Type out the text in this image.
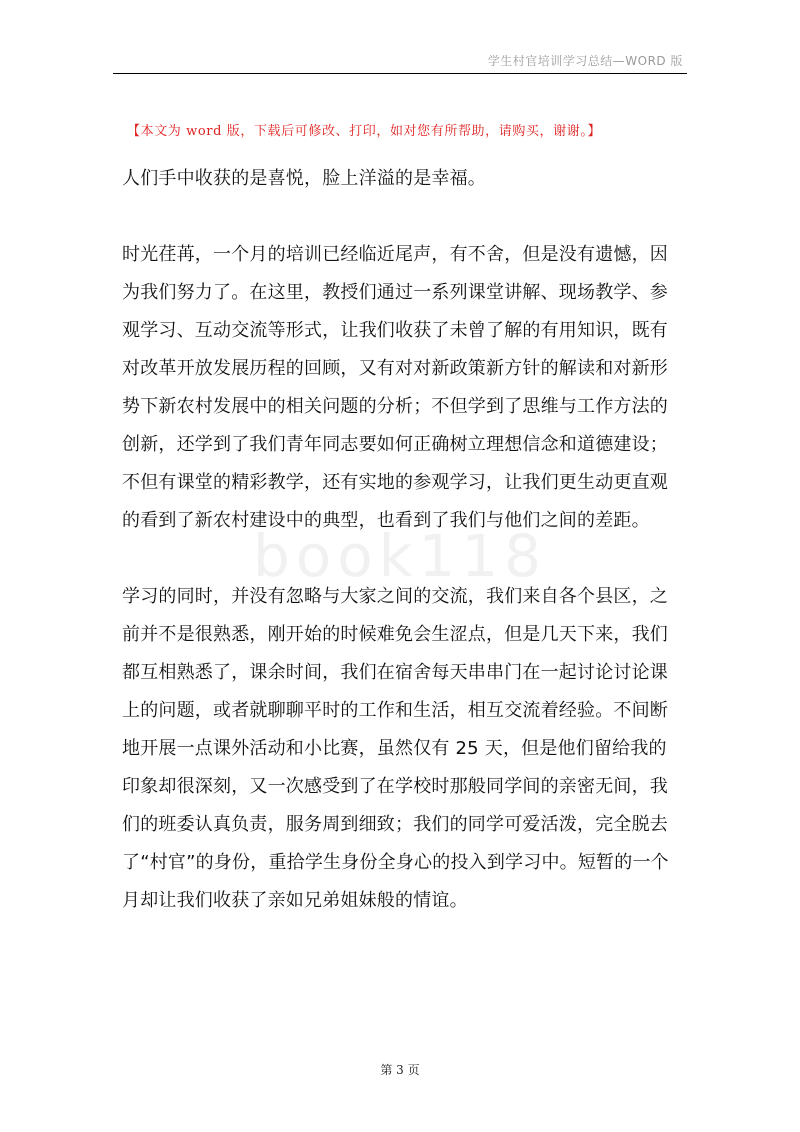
学生村官培训学习总结—WORD 版
【本文为 word 版，下载后可修改、打印，如对您有所帮助，请购买，谢谢。】
book118
人们手中收获的是喜悦，脸上洋溢的是幸福。
时光荏苒，一个月的培训已经临近尾声，有不舍，但是没有遗憾，因
为我们努力了。在这里，教授们通过一系列课堂讲解、现场教学、参
观学习、互动交流等形式，让我们收获了未曾了解的有用知识，既有
对改革开放发展历程的回顾，又有对对新政策新方针的解读和对新形
势下新农村发展中的相关问题的分析；不但学到了思维与工作方法的
创新，还学到了我们青年同志要如何正确树立理想信念和道德建设；
不但有课堂的精彩教学，还有实地的参观学习，让我们更生动更直观
的看到了新农村建设中的典型，也看到了我们与他们之间的差距。
学习的同时，并没有忽略与大家之间的交流，我们来自各个县区，之
前并不是很熟悉，刚开始的时候难免会生涩点，但是几天下来，我们
都互相熟悉了，课余时间，我们在宿舍每天串串门在一起讨论讨论课
上的问题，或者就聊聊平时的工作和生活，相互交流着经验。不间断
地开展一点课外活动和小比赛，虽然仅有 25 天，但是他们留给我的
印象却很深刻，又一次感受到了在学校时那般同学间的亲密无间，我
们的班委认真负责，服务周到细致；我们的同学可爱活泼，完全脱去
了“村官”的身份，重拾学生身份全身心的投入到学习中。短暂的一个
月却让我们收获了亲如兄弟姐妹般的情谊。
第 3 页
